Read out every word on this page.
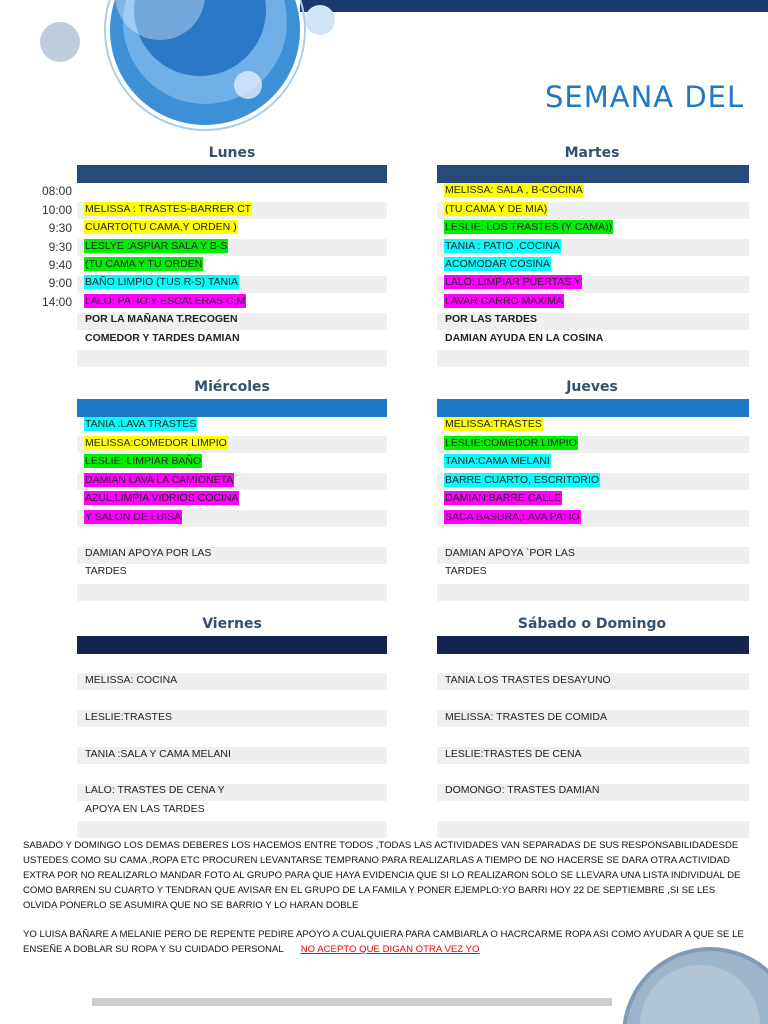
SEMANA DEL
08:00
10:00
9:30
9:30
9:40
9:00
14:00
Lunes
MELISSA : TRASTES-BARRER CT
CUARTO(TU CAMA,Y ORDEN )
LESLYE :ASPIAR SALA Y B-S
(TU CAMA Y TU ORDEN
BAÑO LIMPIO (TUS R-S) TANIA
LALO: PATIO Y ESCALERAS C,M
POR LA MAÑANA T.RECOGEN
COMEDOR Y TARDES DAMIAN
Martes
MELISSA: SALA , B-COCINA
(TU CAMA Y DE MIA)
LESLIE: LOS TRASTES (Y CAMA))
TANIA : PATIO ,COCINA
ACOMODAR COSINA
LALO: LIMPIAR PUERTAS Y
LAVAR CARRO MAXIMA
POR LAS TARDES
DAMIAN AYUDA EN LA COSINA
Miércoles
TANIA :LAVA TRASTES
MELISSA:COMEDOR LIMPIO
LESLIE: LIMPIAR BAÑO
DAMIAN LAVA LA CAMIONETA
AZUL,LIMPIA VIDRIOS COCINA
Y SALON DE LUISA
DAMIAN APOYA POR LAS
TARDES
Jueves
MELISSA:TRASTES
LESLIE:COMEDOR LIMPIO
TANIA:CAMA MELANI
BARRE CUARTO, ESCRITORIO
DAMIAN:BARRE CALLE
SACA BASURA,LAVA PATIO
DAMIAN APOYA `POR LAS
TARDES
Viernes
MELISSA: COCINA
LESLIE:TRASTES
TANIA :SALA Y CAMA MELANI
LALO: TRASTES DE CENA Y
APOYA EN LAS TARDES
Sábado o Domingo
TANIA LOS TRASTES DESAYUNO
MELISSA: TRASTES DE COMIDA
LESLIE:TRASTES DE CENA
DOMONGO: TRASTES DAMIAN
SABADO Y DOMINGO LOS DEMAS DEBERES LOS HACEMOS ENTRE TODOS ,TODAS LAS ACTIVIDADES VAN SEPARADAS DE SUS RESPONSABILIDADESDE
USTEDES COMO SU CAMA ,ROPA ETC PROCUREN LEVANTARSE TEMPRANO PARA REALIZARLAS A TIEMPO DE NO HACERSE SE DARA OTRA ACTIVIDAD
EXTRA POR NO REALIZARLO MANDAR FOTO AL GRUPO PARA QUE HAYA EVIDENCIA QUE SI LO REALIZARON SOLO SE LLEVARA UNA LISTA INDIVIDUAL DE
COMO BARREN SU CUARTO Y TENDRAN QUE AVISAR EN EL GRUPO DE LA FAMILA Y PONER EJEMPLO:YO BARRI HOY 22 DE SEPTIEMBRE ,SI SE LES
OLVIDA PONERLO SE ASUMIRA QUE NO SE BARRIO Y LO HARAN DOBLE
YO LUISA BAÑARE A MELANIE PERO DE REPENTE PEDIRE APOYO A CUALQUIERA PARA CAMBIARLA O HACRCARME ROPA ASI COMO AYUDAR A QUE SE LE
ENSEÑE A DOBLAR SU ROPA Y SU CUIDADO PERSONAL NO ACEPTO QUE DIGAN OTRA VEZ YO
